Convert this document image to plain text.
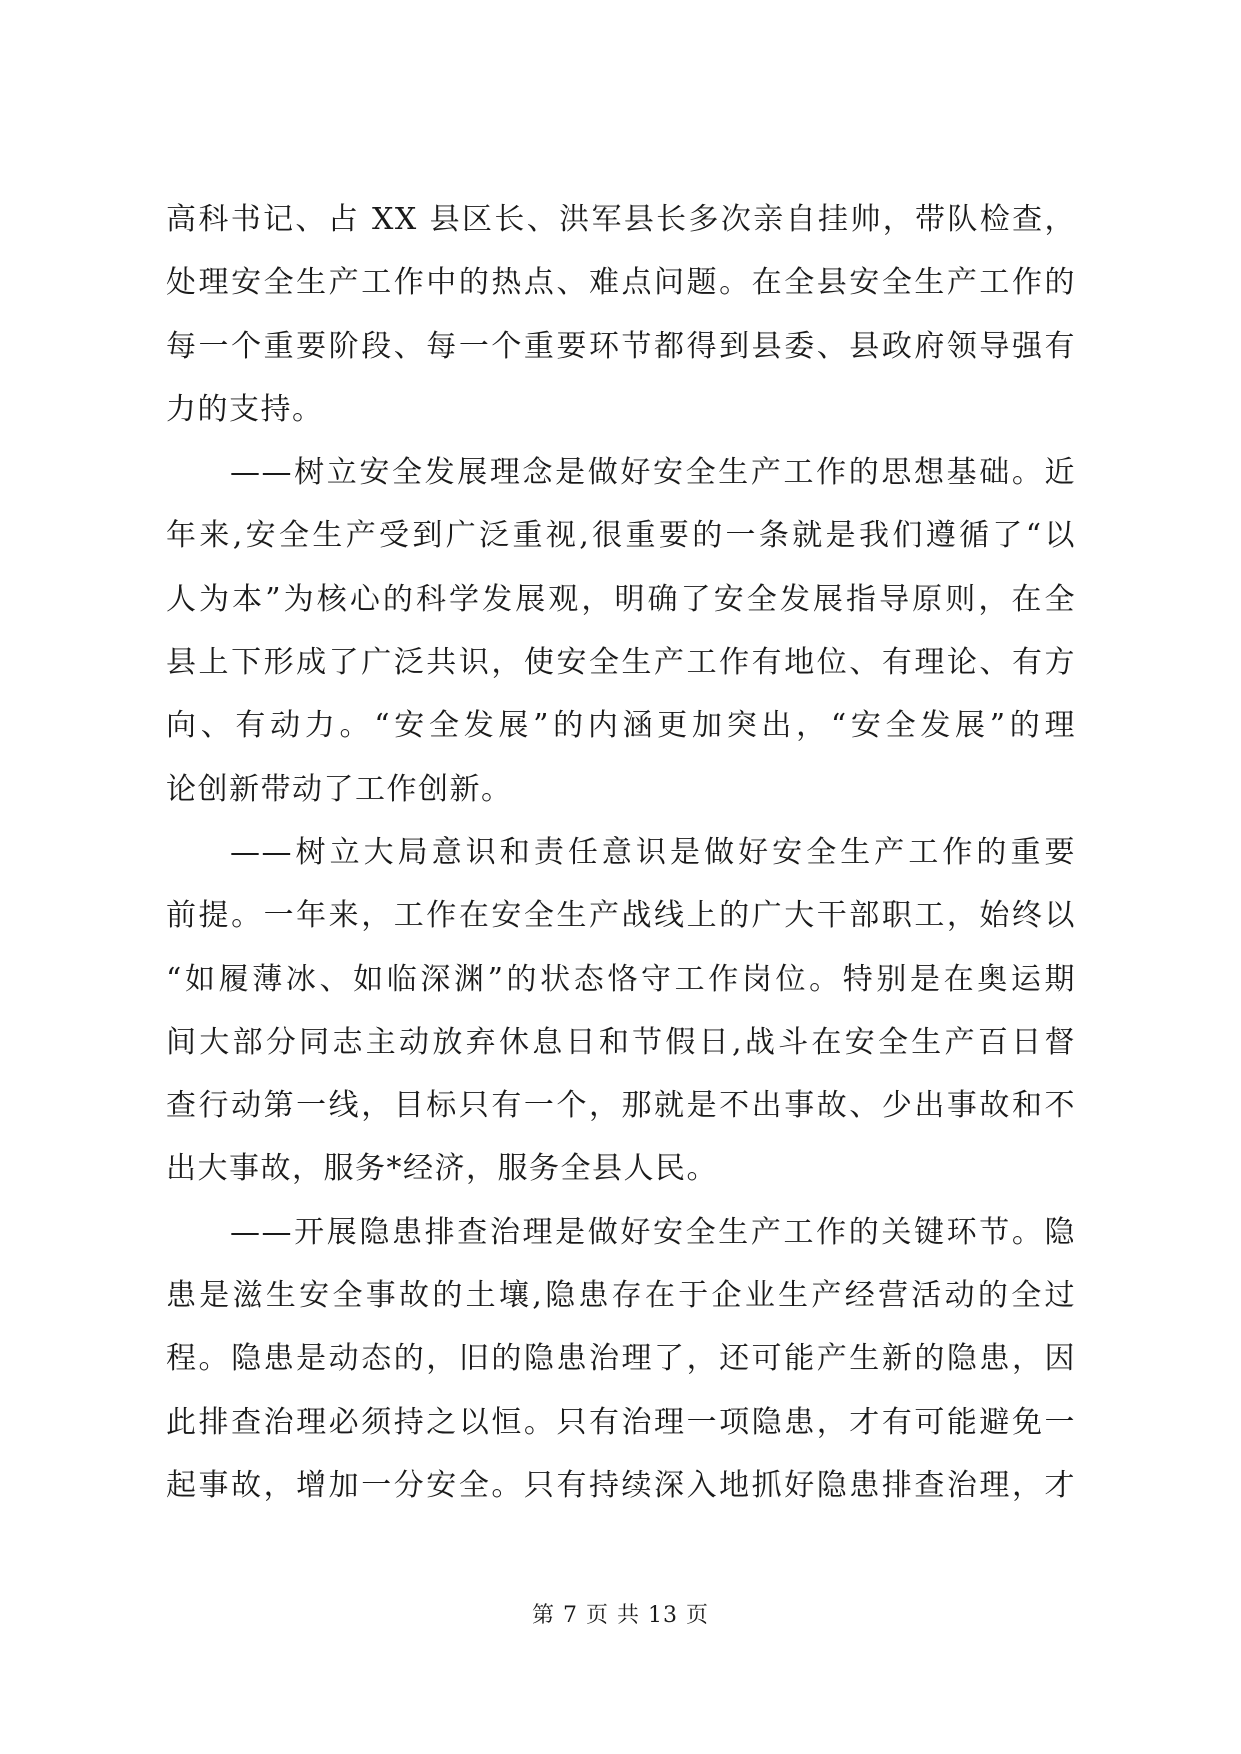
高科书记、占 XX 县区长、洪军县长多次亲自挂帅，带队检查，
处理安全生产工作中的热点、难点问题。在全县安全生产工作的
每一个重要阶段、每一个重要环节都得到县委、县政府领导强有
力的支持。
——树立安全发展理念是做好安全生产工作的思想基础。近
年来,安全生产受到广泛重视,很重要的一条就是我们遵循了“以
人为本”为核心的科学发展观，明确了安全发展指导原则，在全
县上下形成了广泛共识，使安全生产工作有地位、有理论、有方
向、有动力。“安全发展”的内涵更加突出，“安全发展”的理
论创新带动了工作创新。
——树立大局意识和责任意识是做好安全生产工作的重要
前提。一年来，工作在安全生产战线上的广大干部职工，始终以
“如履薄冰、如临深渊”的状态恪守工作岗位。特别是在奥运期
间大部分同志主动放弃休息日和节假日,战斗在安全生产百日督
查行动第一线，目标只有一个，那就是不出事故、少出事故和不
出大事故，服务*经济，服务全县人民。
——开展隐患排查治理是做好安全生产工作的关键环节。隐
患是滋生安全事故的土壤,隐患存在于企业生产经营活动的全过
程。隐患是动态的，旧的隐患治理了，还可能产生新的隐患，因
此排查治理必须持之以恒。只有治理一项隐患，才有可能避免一
起事故，增加一分安全。只有持续深入地抓好隐患排查治理，才
第 7 页 共 13 页
